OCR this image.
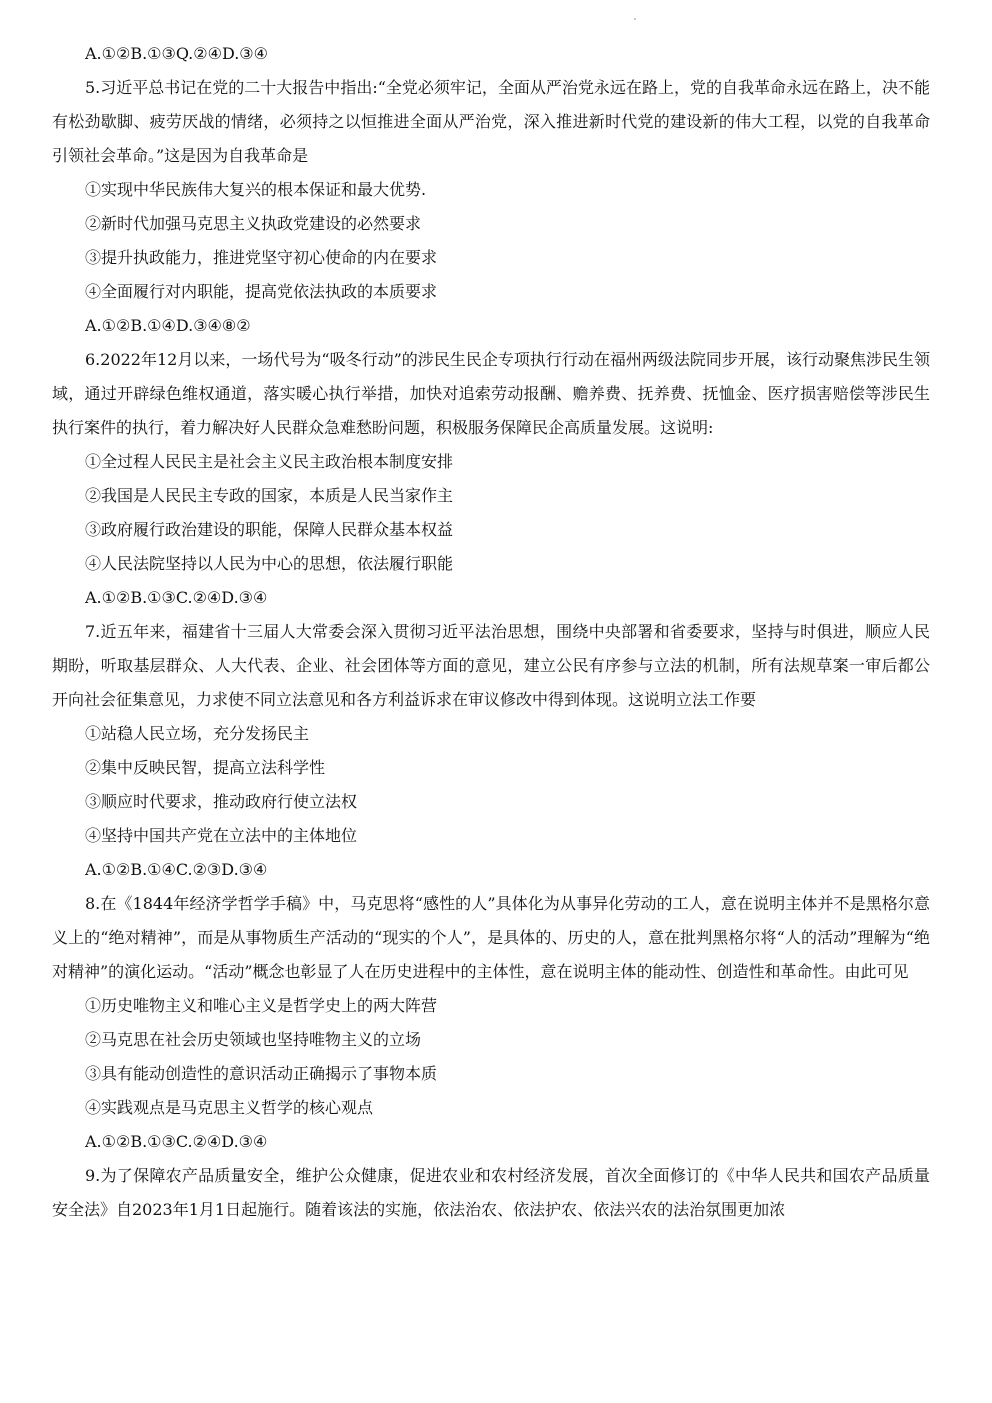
A.①②B.①③Q.②④D.③④
5.习近平总书记在党的二十大报告中指出:“全党必须牢记，全面从严治党永远在路上，党的自我革命永远在路上，决不能有松劲歇脚、疲劳厌战的情绪，必须持之以恒推进全面从严治党，深入推进新时代党的建设新的伟大工程，以党的自我革命引领社会革命。”这是因为自我革命是
①实现中华民族伟大复兴的根本保证和最大优势.
②新时代加强马克思主义执政党建设的必然要求
③提升执政能力，推进党坚守初心使命的内在要求
④全面履行对内职能，提高党依法执政的本质要求
A.①②B.①④D.③④⑧②
6.2022年12月以来，一场代号为“吸冬行动”的涉民生民企专项执行行动在福州两级法院同步开展，该行动聚焦涉民生领域，通过开辟绿色维权通道，落实暖心执行举措，加快对追索劳动报酬、赡养费、抚养费、抚恤金、医疗损害赔偿等涉民生执行案件的执行，着力解决好人民群众急难愁盼问题，积极服务保障民企高质量发展。这说明:
①全过程人民民主是社会主义民主政治根本制度安排
②我国是人民民主专政的国家，本质是人民当家作主
③政府履行政治建设的职能，保障人民群众基本权益
④人民法院坚持以人民为中心的思想，依法履行职能
A.①②B.①③C.②④D.③④
7.近五年来，福建省十三届人大常委会深入贯彻习近平法治思想，围绕中央部署和省委要求，坚持与时俱进，顺应人民期盼，听取基层群众、人大代表、企业、社会团体等方面的意见，建立公民有序参与立法的机制，所有法规草案一审后都公开向社会征集意见，力求使不同立法意见和各方利益诉求在审议修改中得到体现。这说明立法工作要
①站稳人民立场，充分发扬民主
②集中反映民智，提高立法科学性
③顺应时代要求，推动政府行使立法权
④坚持中国共产党在立法中的主体地位
A.①②B.①④C.②③D.③④
8.在《1844年经济学哲学手稿》中，马克思将“感性的人”具体化为从事异化劳动的工人，意在说明主体并不是黑格尔意义上的“绝对精神”，而是从事物质生产活动的“现实的个人”，是具体的、历史的人，意在批判黑格尔将“人的活动”理解为“绝对精神”的演化运动。“活动”概念也彰显了人在历史进程中的主体性，意在说明主体的能动性、创造性和革命性。由此可见
①历史唯物主义和唯心主义是哲学史上的两大阵营
②马克思在社会历史领域也坚持唯物主义的立场
③具有能动创造性的意识活动正确揭示了事物本质
④实践观点是马克思主义哲学的核心观点
A.①②B.①③C.②④D.③④
9.为了保障农产品质量安全，维护公众健康，促进农业和农村经济发展，首次全面修订的《中华人民共和国农产品质量安全法》自2023年1月1日起施行。随着该法的实施，依法治农、依法护农、依法兴农的法治氛围更加浓
